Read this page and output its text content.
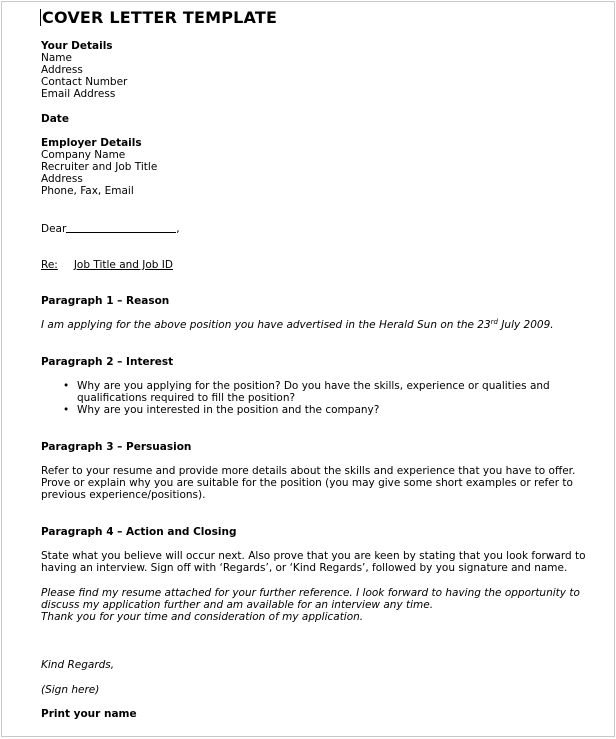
COVER LETTER TEMPLATE
Your Details
Name
Address
Contact Number
Email Address
Date
Employer Details
Company Name
Recruiter and Job Title
Address
Phone, Fax, Email
Dear	,
Re: Job Title and Job ID
Paragraph 1 – Reason
I am applying for the above position you have advertised in the Herald Sun on the 23rd July 2009.
Paragraph 2 – Interest
• Why are you applying for the position? Do you have the skills, experience or qualities and
qualifications required to fill the position?
• Why are you interested in the position and the company?
Paragraph 3 – Persuasion
Refer to your resume and provide more details about the skills and experience that you have to offer.
Prove or explain why you are suitable for the position (you may give some short examples or refer to
previous experience/positions).
Paragraph 4 – Action and Closing
State what you believe will occur next. Also prove that you are keen by stating that you look forward to
having an interview. Sign off with ‘Regards’, or ‘Kind Regards’, followed by you signature and name.
Please find my resume attached for your further reference. I look forward to having the opportunity to
discuss my application further and am available for an interview any time.
Thank you for your time and consideration of my application.
Kind Regards,
(Sign here)
Print your name
